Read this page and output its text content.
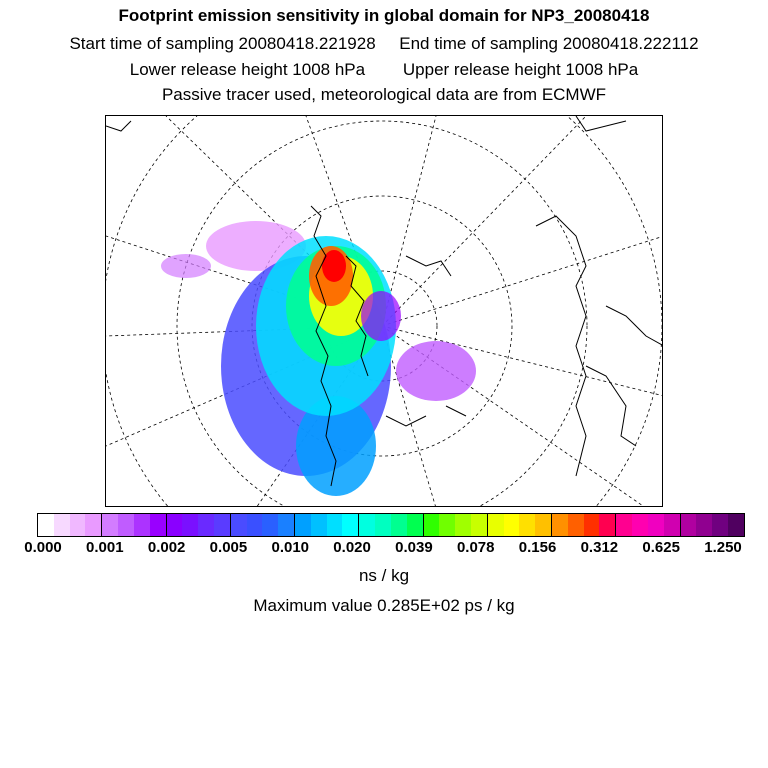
Footprint emission sensitivity in global domain for NP3_20080418
Start time of sampling 20080418.221928     End time of sampling 20080418.222112
Lower release height 1008 hPa        Upper release height 1008 hPa
Passive tracer used, meteorological data are from ECMWF
0.000 0.001 0.002 0.005 0.010 0.020 0.039 0.078 0.156 0.312 0.625 1.250
ns / kg
Maximum value 0.285E+02 ps / kg
